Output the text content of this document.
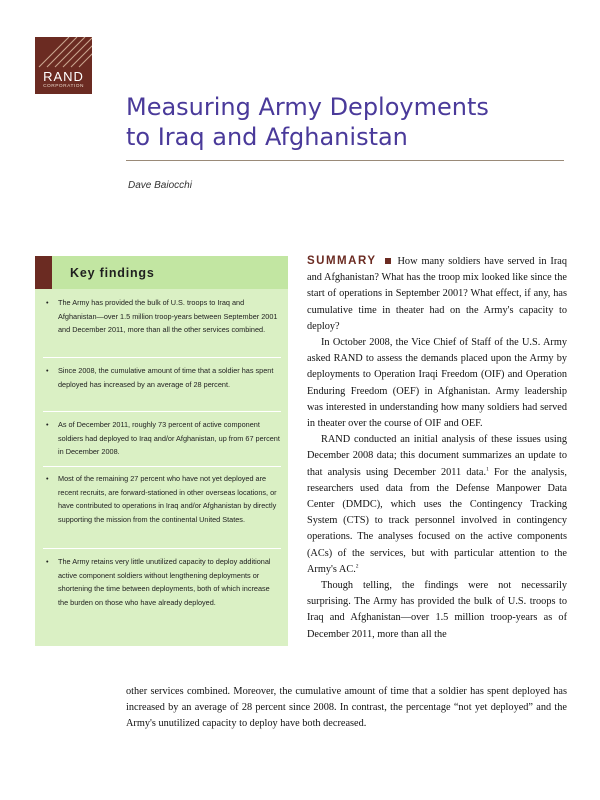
RAND
CORPORATION
Measuring Army Deployments
to Iraq and Afghanistan
Dave Baiocchi
Key findings
• The Army has provided the bulk of U.S. troops to Iraq and Afghanistan—over 1.5 million troop-years between September 2001 and December 2011, more than all the other services combined.
• Since 2008, the cumulative amount of time that a soldier has spent deployed has increased by an average of 28 percent.
• As of December 2011, roughly 73 percent of active component soldiers had deployed to Iraq and/or Afghanistan, up from 67 percent in December 2008.
• Most of the remaining 27 percent who have not yet deployed are recent recruits, are forward-stationed in other overseas locations, or have contributed to operations in Iraq and/or Afghanistan by directly supporting the mission from the continental United States.
• The Army retains very little unutilized capacity to deploy additional active component soldiers without lengthening deployments or shortening the time between deployments, both of which increase the burden on those who have already deployed.

SUMMARY How many soldiers have served in Iraq and Afghanistan? What has the troop mix looked like since the start of operations in September 2001? What effect, if any, has cumulative time in theater had on the Army's capacity to deploy?

In October 2008, the Vice Chief of Staff of the U.S. Army asked RAND to assess the demands placed upon the Army by deployments to Operation Iraqi Freedom (OIF) and Operation Enduring Freedom (OEF) in Afghanistan. Army leadership was interested in understanding how many soldiers had served in theater over the course of OIF and OEF.

RAND conducted an initial analysis of these issues using December 2008 data; this document summarizes an update to that analysis using December 2011 data.$^1$ For the analysis, researchers used data from the Defense Manpower Data Center (DMDC), which uses the Contingency Tracking System (CTS) to track personnel involved in contingency operations. The analyses focused on the active components (ACs) of the services, but with particular attention to the Army's AC.$^2$

Though telling, the findings were not necessarily surprising. The Army has provided the bulk of U.S. troops to Iraq and Afghanistan—over 1.5 million troop-years as of December 2011, more than all the

other services combined. Moreover, the cumulative amount of time that a soldier has spent deployed has increased by an average of 28 percent since 2008. In contrast, the percentage “not yet deployed” and the Army's unutilized capacity to deploy have both decreased.
